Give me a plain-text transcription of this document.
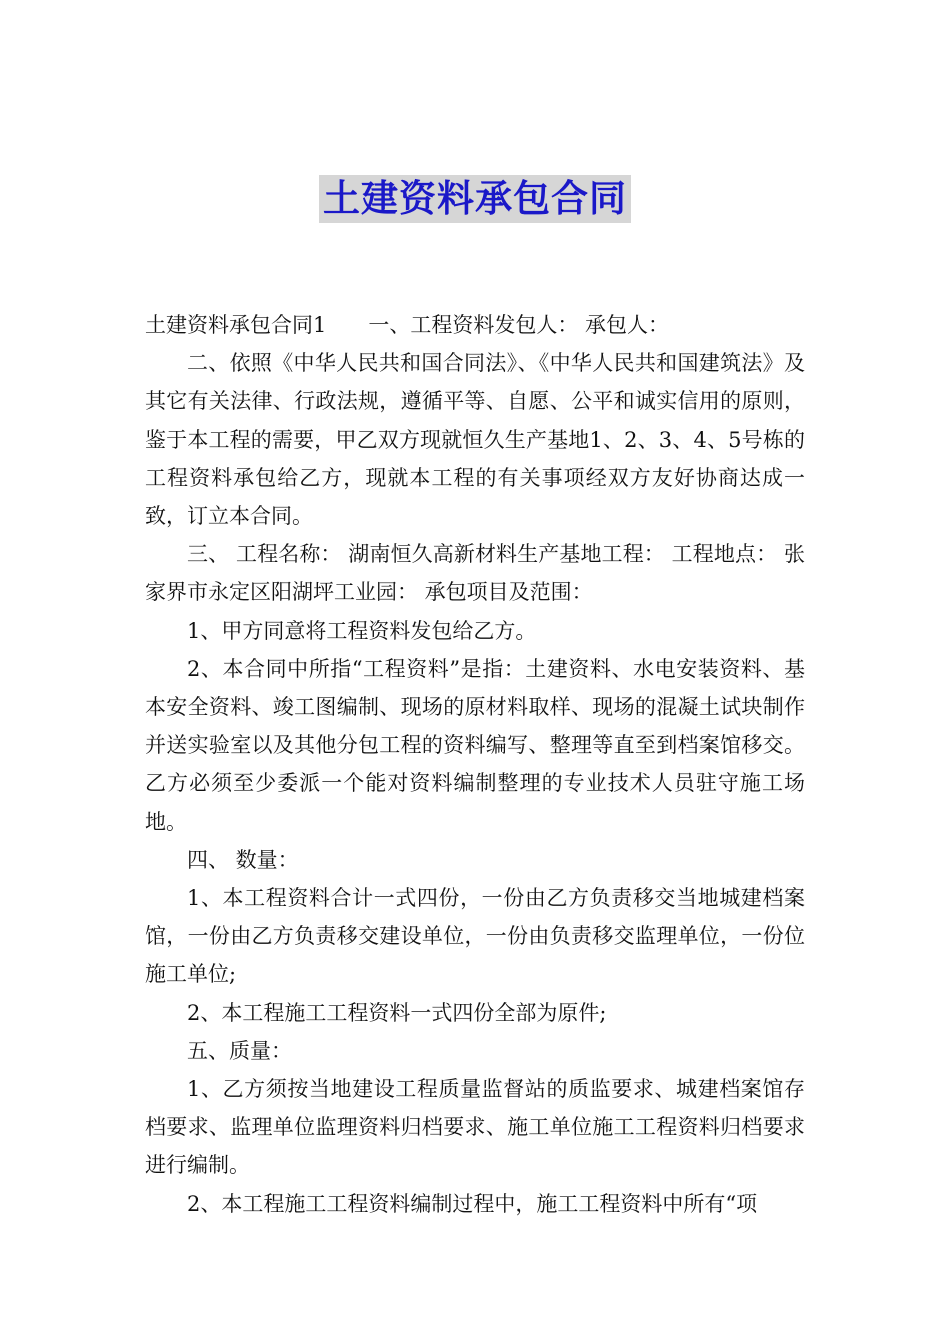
土建资料承包合同

土建资料承包合同1 一、工程资料发包人： 承包人：

二、依照《中华人民共和国合同法》、《中华人民共和国建筑法》及其它有关法律、行政法规，遵循平等、自愿、公平和诚实信用的原则，鉴于本工程的需要，甲乙双方现就恒久生产基地1、2、3、4、5号栋的工程资料承包给乙方，现就本工程的有关事项经双方友好协商达成一致，订立本合同。

三、 工程名称： 湖南恒久高新材料生产基地工程： 工程地点： 张家界市永定区阳湖坪工业园： 承包项目及范围：

1、甲方同意将工程资料发包给乙方。

2、本合同中所指“工程资料”是指：土建资料、水电安装资料、基本安全资料、竣工图编制、现场的原材料取样、现场的混凝土试块制作并送实验室以及其他分包工程的资料编写、整理等直至到档案馆移交。乙方必须至少委派一个能对资料编制整理的专业技术人员驻守施工场地。

四、 数量：

1、本工程资料合计一式四份，一份由乙方负责移交当地城建档案馆，一份由乙方负责移交建设单位，一份由负责移交监理单位，一份位施工单位;

2、本工程施工工程资料一式四份全部为原件;

五、质量：

1、乙方须按当地建设工程质量监督站的质监要求、城建档案馆存档要求、监理单位监理资料归档要求、施工单位施工工程资料归档要求进行编制。

2、本工程施工工程资料编制过程中，施工工程资料中所有“项
